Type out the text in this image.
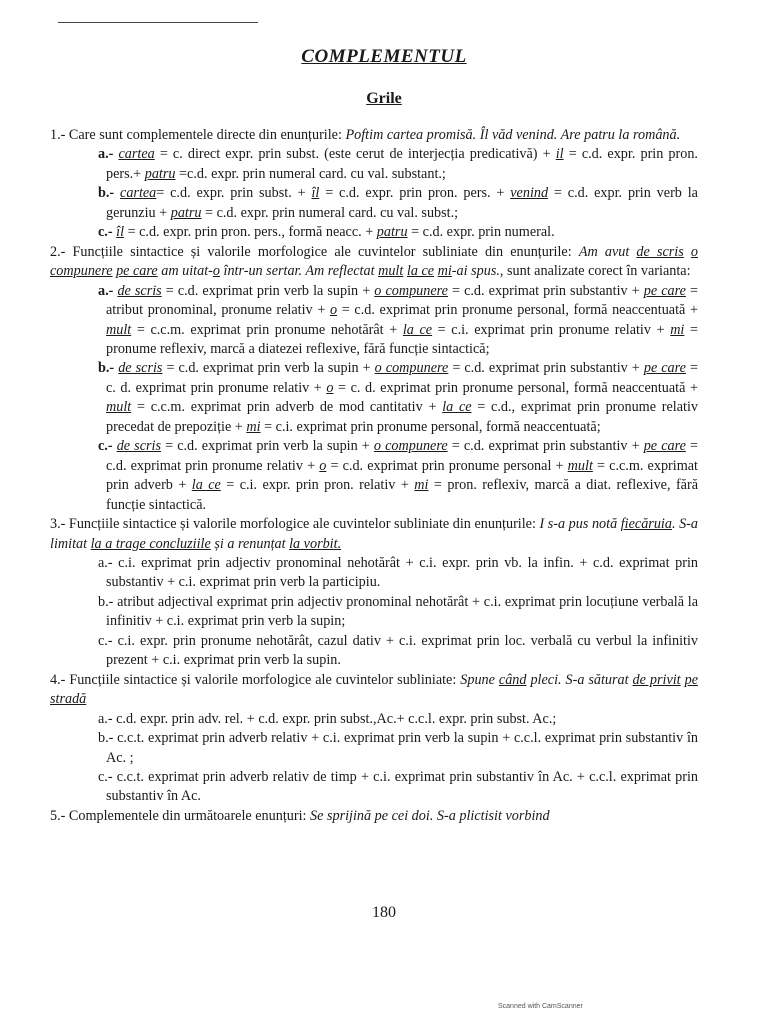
COMPLEMENTUL
Grile

1.- Care sunt complementele directe din enunțurile: Poftim cartea promisă. Îl văd venind. Are patru la română.

a.- cartea = c. direct expr. prin subst. (este cerut de interjecția predicativă) + il = c.d. expr. prin pron. pers.+ patru =c.d. expr. prin numeral card. cu val. substant.;

b.- cartea= c.d. expr. prin subst. + îl = c.d. expr. prin pron. pers. + venind = c.d. expr. prin verb la gerunziu + patru = c.d. expr. prin numeral card. cu val. subst.;

c.- îl = c.d. expr. prin pron. pers., formă neacc. + patru = c.d. expr. prin numeral.

2.- Funcțiile sintactice și valorile morfologice ale cuvintelor subliniate din enunțurile: Am avut de scris o compunere pe care am uitat-o într-un sertar. Am reflectat mult la ce mi-ai spus., sunt analizate corect în varianta:

a.- de scris = c.d. exprimat prin verb la supin + o compunere = c.d. exprimat prin substantiv + pe care = atribut pronominal, pronume relativ + o = c.d. exprimat prin pronume personal, formă neaccentuată + mult = c.c.m. exprimat prin pronume nehotărât + la ce = c.i. exprimat prin pronume relativ + mi = pronume reflexiv, marcă a diatezei reflexive, fără funcție sintactică;

b.- de scris = c.d. exprimat prin verb la supin + o compunere = c.d. exprimat prin substantiv + pe care = c. d. exprimat prin pronume relativ + o = c. d. exprimat prin pronume personal, formă neaccentuată + mult = c.c.m. exprimat prin adverb de mod cantitativ + la ce = c.d., exprimat prin pronume relativ precedat de prepoziție + mi = c.i. exprimat prin pronume personal, formă neaccentuată;

c.- de scris = c.d. exprimat prin verb la supin + o compunere = c.d. exprimat prin substantiv + pe care = c.d. exprimat prin pronume relativ + o = c.d. exprimat prin pronume personal + mult = c.c.m. exprimat prin adverb + la ce = c.i. expr. prin pron. relativ + mi = pron. reflexiv, marcă a diat. reflexive, fără funcție sintactică.

3.- Funcțiile sintactice și valorile morfologice ale cuvintelor subliniate din enunțurile: I s-a pus notă fiecăruia. S-a limitat la a trage concluziile și a renunțat la vorbit.

a.- c.i. exprimat prin adjectiv pronominal nehotărât + c.i. expr. prin vb. la infin. + c.d. exprimat prin substantiv + c.i. exprimat prin verb la participiu.

b.- atribut adjectival exprimat prin adjectiv pronominal nehotărât + c.i. exprimat prin locuțiune verbală la infinitiv + c.i. exprimat prin verb la supin;

c.- c.i. expr. prin pronume nehotărât, cazul dativ + c.i. exprimat prin loc. verbală cu verbul la infinitiv prezent + c.i. exprimat prin verb la supin.

4.- Funcțiile sintactice și valorile morfologice ale cuvintelor subliniate: Spune când pleci. S-a săturat de privit pe stradă

a.- c.d. expr. prin adv. rel. + c.d. expr. prin subst.,Ac.+ c.c.l. expr. prin subst. Ac.;

b.- c.c.t. exprimat prin adverb relativ + c.i. exprimat prin verb la supin + c.c.l. exprimat prin substantiv în Ac. ;

c.- c.c.t. exprimat prin adverb relativ de timp + c.i. exprimat prin substantiv în Ac. + c.c.l. exprimat prin substantiv în Ac.

5.- Complementele din următoarele enunțuri: Se sprijină pe cei doi. S-a plictisit vorbind

180
Scanned with CamScanner
